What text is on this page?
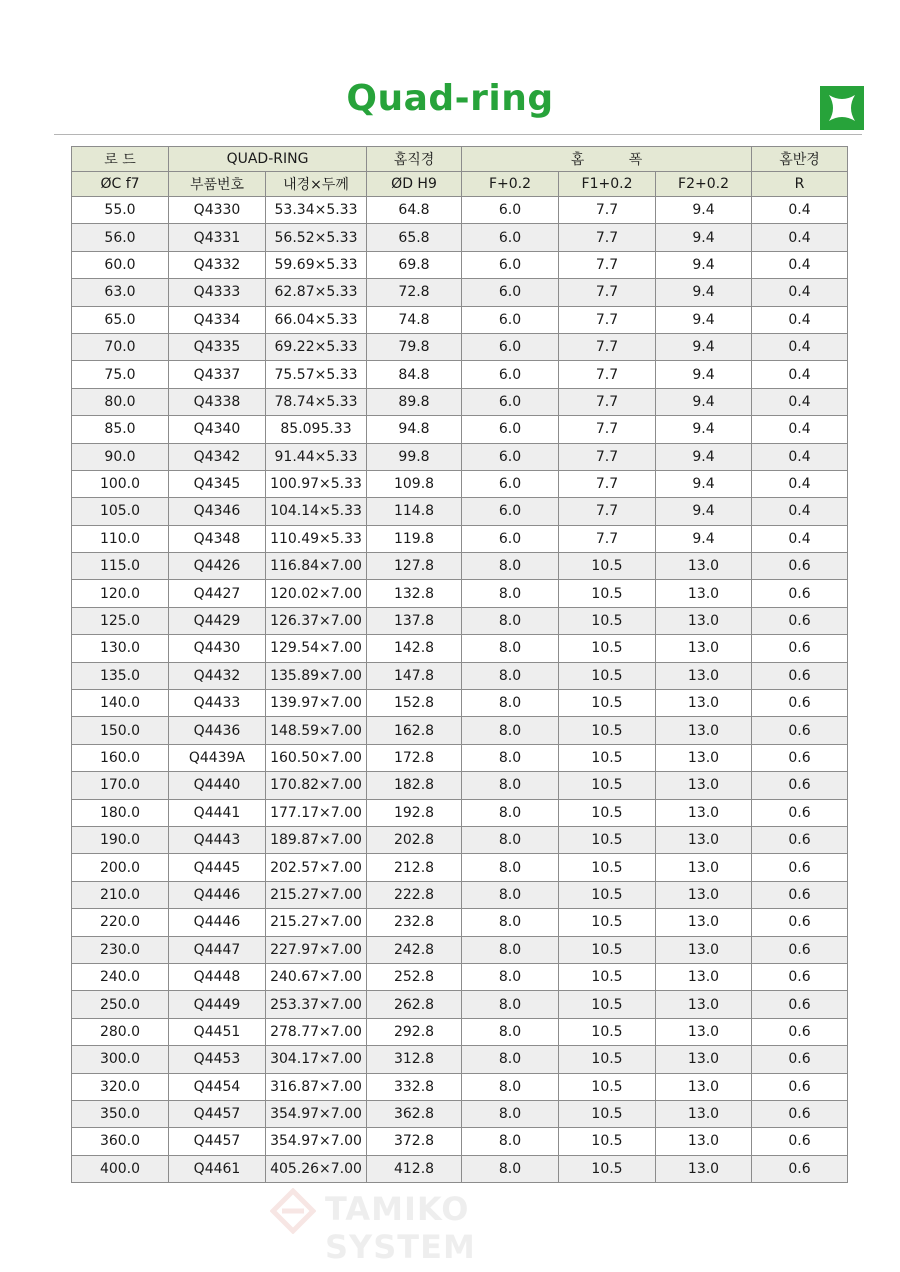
Quad-ring
로 드	QUAD-RING		홈직경	홈          폭			홈반경
ØC f7	부품번호	내경×두께	ØD H9	F+0.2	F1+0.2	F2+0.2	R
55.0	Q4330	53.34×5.33	64.8	6.0	7.7	9.4	0.4
56.0	Q4331	56.52×5.33	65.8	6.0	7.7	9.4	0.4
60.0	Q4332	59.69×5.33	69.8	6.0	7.7	9.4	0.4
63.0	Q4333	62.87×5.33	72.8	6.0	7.7	9.4	0.4
65.0	Q4334	66.04×5.33	74.8	6.0	7.7	9.4	0.4
70.0	Q4335	69.22×5.33	79.8	6.0	7.7	9.4	0.4
75.0	Q4337	75.57×5.33	84.8	6.0	7.7	9.4	0.4
80.0	Q4338	78.74×5.33	89.8	6.0	7.7	9.4	0.4
85.0	Q4340	85.095.33	94.8	6.0	7.7	9.4	0.4
90.0	Q4342	91.44×5.33	99.8	6.0	7.7	9.4	0.4
100.0	Q4345	100.97×5.33	109.8	6.0	7.7	9.4	0.4
105.0	Q4346	104.14×5.33	114.8	6.0	7.7	9.4	0.4
110.0	Q4348	110.49×5.33	119.8	6.0	7.7	9.4	0.4
115.0	Q4426	116.84×7.00	127.8	8.0	10.5	13.0	0.6
120.0	Q4427	120.02×7.00	132.8	8.0	10.5	13.0	0.6
125.0	Q4429	126.37×7.00	137.8	8.0	10.5	13.0	0.6
130.0	Q4430	129.54×7.00	142.8	8.0	10.5	13.0	0.6
135.0	Q4432	135.89×7.00	147.8	8.0	10.5	13.0	0.6
140.0	Q4433	139.97×7.00	152.8	8.0	10.5	13.0	0.6
150.0	Q4436	148.59×7.00	162.8	8.0	10.5	13.0	0.6
160.0	Q4439A	160.50×7.00	172.8	8.0	10.5	13.0	0.6
170.0	Q4440	170.82×7.00	182.8	8.0	10.5	13.0	0.6
180.0	Q4441	177.17×7.00	192.8	8.0	10.5	13.0	0.6
190.0	Q4443	189.87×7.00	202.8	8.0	10.5	13.0	0.6
200.0	Q4445	202.57×7.00	212.8	8.0	10.5	13.0	0.6
210.0	Q4446	215.27×7.00	222.8	8.0	10.5	13.0	0.6
220.0	Q4446	215.27×7.00	232.8	8.0	10.5	13.0	0.6
230.0	Q4447	227.97×7.00	242.8	8.0	10.5	13.0	0.6
240.0	Q4448	240.67×7.00	252.8	8.0	10.5	13.0	0.6
250.0	Q4449	253.37×7.00	262.8	8.0	10.5	13.0	0.6
280.0	Q4451	278.77×7.00	292.8	8.0	10.5	13.0	0.6
300.0	Q4453	304.17×7.00	312.8	8.0	10.5	13.0	0.6
320.0	Q4454	316.87×7.00	332.8	8.0	10.5	13.0	0.6
350.0	Q4457	354.97×7.00	362.8	8.0	10.5	13.0	0.6
360.0	Q4457	354.97×7.00	372.8	8.0	10.5	13.0	0.6
400.0	Q4461	405.26×7.00	412.8	8.0	10.5	13.0	0.6
TAMIKO SYSTEM
